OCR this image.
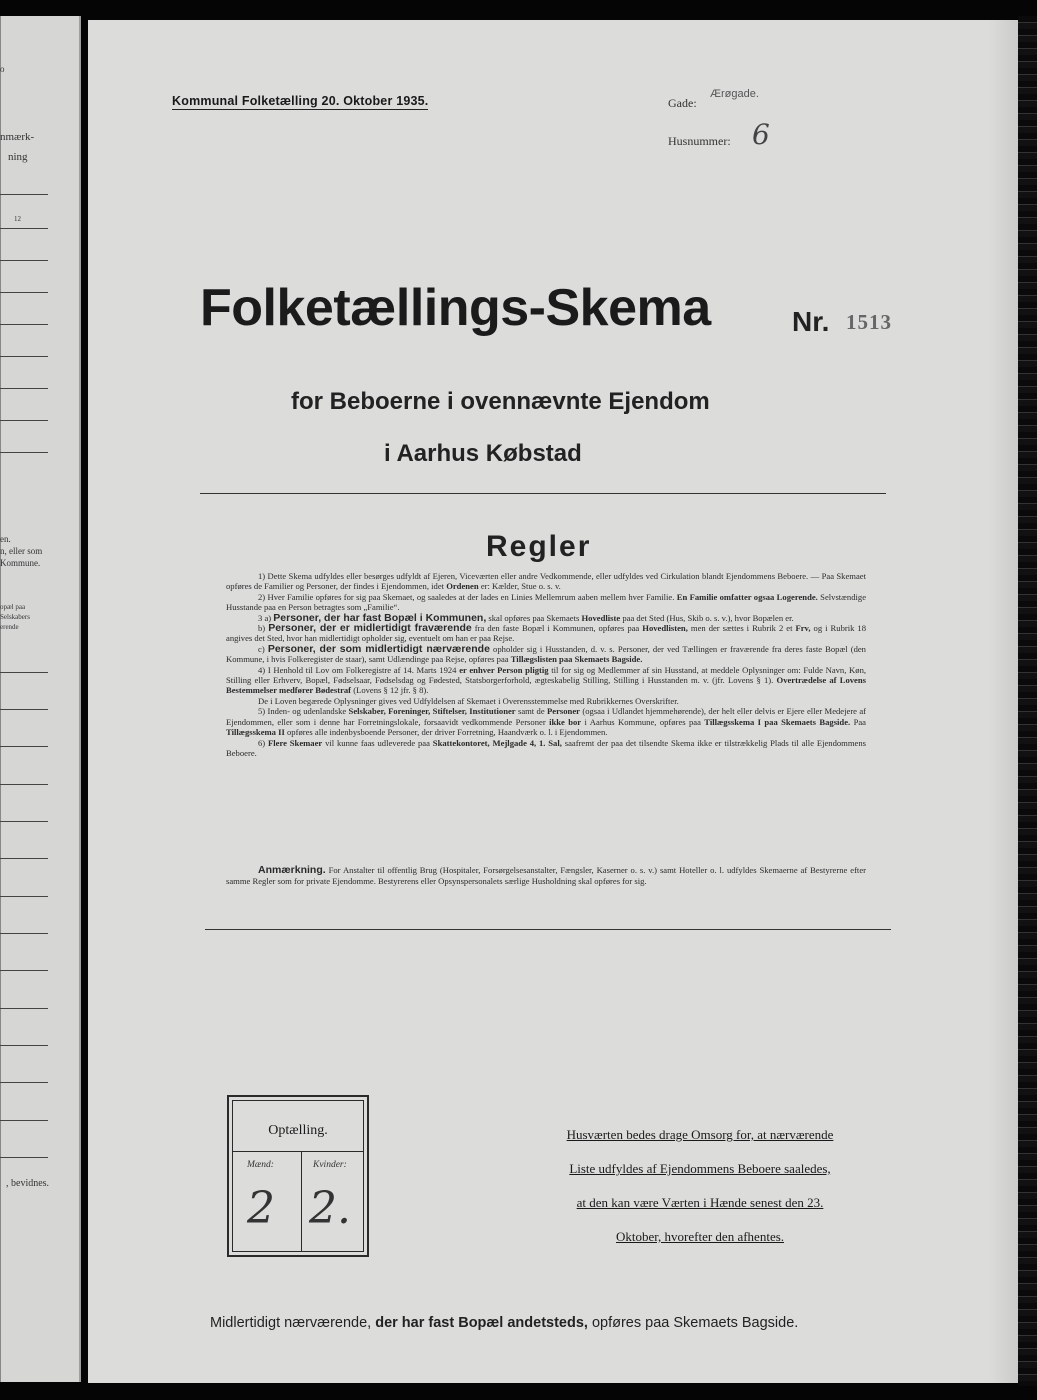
o
nmærk-
ning
12
en.
n, eller som
Kommune.
opæl paa
Selskabers
erende
, bevidnes.
Kommunal Folketælling 20. Oktober 1935.	Gade:
Ærøgade.
Husnummer: 6
Folketællings-Skema	Nr. 1513
for Beboerne i ovennævnte Ejendom
i Aarhus Købstad
Regler

1) Dette Skema udfyldes eller besørges udfyldt af Ejeren, Viceværten eller andre Vedkommende, eller udfyldes ved Cirkulation blandt Ejendommens Beboere. — Paa Skemaet opføres de Familier og Personer, der findes i Ejendommen, idet Ordenen er: Kælder, Stue o. s. v.

2) Hver Familie opføres for sig paa Skemaet, og saaledes at der lades en Linies Mellemrum aaben mellem hver Familie. En Familie omfatter ogsaa Logerende. Selvstændige Husstande paa en Person betragtes som „Familie“.

3 a) Personer, der har fast Bopæl i Kommunen, skal opføres paa Skemaets Hovedliste paa det Sted (Hus, Skib o. s. v.), hvor Bopælen er.

b) Personer, der er midlertidigt fraværende fra den faste Bopæl i Kommunen, opføres paa Hovedlisten, men der sættes i Rubrik 2 et Frv, og i Rubrik 18 angives det Sted, hvor han midlertidigt opholder sig, eventuelt om han er paa Rejse.

c) Personer, der som midlertidigt nærværende opholder sig i Husstanden, d. v. s. Personer, der ved Tællingen er fraværende fra deres faste Bopæl (den Kommune, i hvis Folkeregister de staar), samt Udlændinge paa Rejse, opføres paa Tillægslisten paa Skemaets Bagside.

4) I Henhold til Lov om Folkeregistre af 14. Marts 1924 er enhver Person pligtig til for sig og Medlemmer af sin Husstand, at meddele Oplysninger om: Fulde Navn, Køn, Stilling eller Erhverv, Bopæl, Fødselsaar, Fødselsdag og Fødested, Statsborgerforhold, ægteskabelig Stilling, Stilling i Husstanden m. v. (jfr. Lovens § 1). Overtrædelse af Lovens Bestemmelser medfører Bødestraf (Lovens § 12 jfr. § 8).

De i Loven begærede Oplysninger gives ved Udfyldelsen af Skemaet i Overensstemmelse med Rubrikkernes Overskrifter.

5) Inden- og udenlandske Selskaber, Foreninger, Stiftelser, Institutioner samt de Personer (ogsaa i Udlandet hjemmehørende), der helt eller delvis er Ejere eller Medejere af Ejendommen, eller som i denne har Forretningslokale, forsaavidt vedkommende Personer ikke bor i Aarhus Kommune, opføres paa Tillægsskema I paa Skemaets Bagside. Paa Tillægsskema II opføres alle indenbysboende Personer, der driver Forretning, Haandværk o. l. i Ejendommen.

6) Flere Skemaer vil kunne faas udleverede paa Skattekontoret, Mejlgade 4, 1. Sal, saafremt der paa det tilsendte Skema ikke er tilstrækkelig Plads til alle Ejendommens Beboere.

Anmærkning. For Anstalter til offentlig Brug (Hospitaler, Forsørgelsesanstalter, Fængsler, Kaserner o. s. v.) samt Hoteller o. l. udfyldes Skemaerne af Bestyrerne efter samme Regler som for private Ejendomme. Bestyrerens eller Opsynspersonalets særlige Husholdning skal opføres for sig.

Optælling.
Mænd:	Kvinder:
2 2.
Husværten bedes drage Omsorg for, at nærværende
Liste udfyldes af Ejendommens Beboere saaledes,
at den kan være Værten i Hænde senest den 23.
Oktober, hvorefter den afhentes.
Midlertidigt nærværende, der har fast Bopæl andetsteds, opføres paa Skemaets Bagside.
